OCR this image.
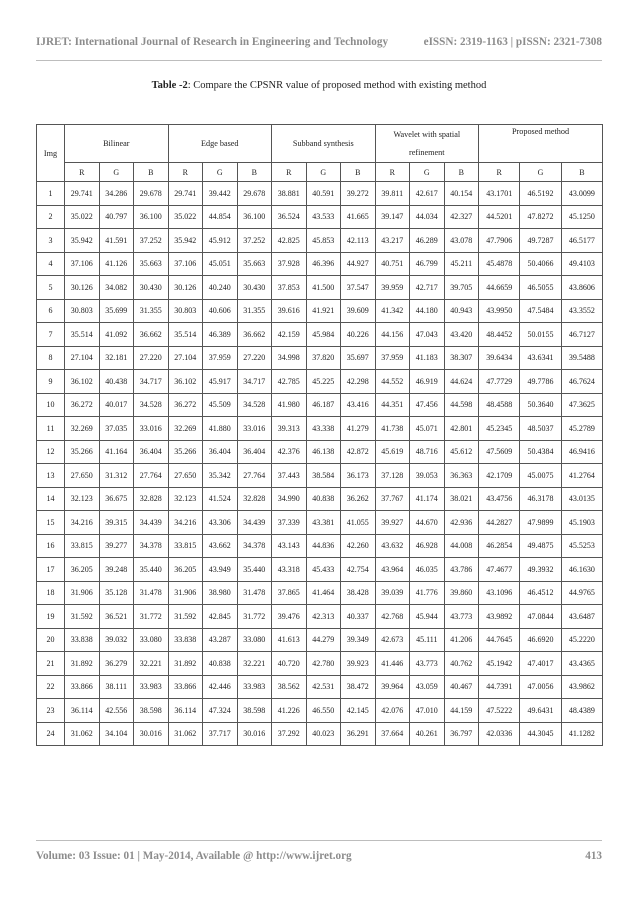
IJRET: International Journal of Research in Engineering and Technology	eISSN: 2319-1163 | pISSN: 2321-7308
Table -2: Compare the CPSNR value of proposed method with existing method
Img	Bilinear			Edge based			Subband synthesis			Wavelet with spatial refinement			Proposed method		
	R	G	B	R	G	B	R	G	B	R	G	B	R	G	B
1	29.741	34.286	29.678	29.741	39.442	29.678	38.881	40.591	39.272	39.811	42.617	40.154	43.1701	46.5192	43.0099
2	35.022	40.797	36.100	35.022	44.854	36.100	36.524	43.533	41.665	39.147	44.034	42.327	44.5201	47.8272	45.1250
3	35.942	41.591	37.252	35.942	45.912	37.252	42.825	45.853	42.113	43.217	46.289	43.078	47.7906	49.7287	46.5177
4	37.106	41.126	35.663	37.106	45.051	35.663	37.928	46.396	44.927	40.751	46.799	45.211	45.4878	50.4066	49.4103
5	30.126	34.082	30.430	30.126	40.240	30.430	37.853	41.500	37.547	39.959	42.717	39.705	44.6659	46.5055	43.8606
6	30.803	35.699	31.355	30.803	40.606	31.355	39.616	41.921	39.609	41.342	44.180	40.943	43.9950	47.5484	43.3552
7	35.514	41.092	36.662	35.514	46.389	36.662	42.159	45.984	40.226	44.156	47.043	43.420	48.4452	50.0155	46.7127
8	27.104	32.181	27.220	27.104	37.959	27.220	34.998	37.820	35.697	37.959	41.183	38.307	39.6434	43.6341	39.5488
9	36.102	40.438	34.717	36.102	45.917	34.717	42.785	45.225	42.298	44.552	46.919	44.624	47.7729	49.7786	46.7624
10	36.272	40.017	34.528	36.272	45.509	34.528	41.980	46.187	43.416	44.351	47.456	44.598	48.4588	50.3640	47.3625
11	32.269	37.035	33.016	32.269	41.880	33.016	39.313	43.338	41.279	41.738	45.071	42.801	45.2345	48.5037	45.2789
12	35.266	41.164	36.404	35.266	36.404	36.404	42.376	46.138	42.872	45.619	48.716	45.612	47.5609	50.4384	46.9416
13	27.650	31.312	27.764	27.650	35.342	27.764	37.443	38.584	36.173	37.128	39.053	36.363	42.1709	45.0075	41.2764
14	32.123	36.675	32.828	32.123	41.524	32.828	34.990	40.838	36.262	37.767	41.174	38.021	43.4756	46.3178	43.0135
15	34.216	39.315	34.439	34.216	43.306	34.439	37.339	43.381	41.055	39.927	44.670	42.936	44.2827	47.9899	45.1903
16	33.815	39.277	34.378	33.815	43.662	34.378	43.143	44.836	42.260	43.632	46.928	44.008	46.2854	49.4875	45.5253
17	36.205	39.248	35.440	36.205	43.949	35.440	43.318	45.433	42.754	43.964	46.035	43.786	47.4677	49.3932	46.1630
18	31.906	35.128	31.478	31.906	38.980	31.478	37.865	41.464	38.428	39.039	41.776	39.860	43.1096	46.4512	44.9765
19	31.592	36.521	31.772	31.592	42.845	31.772	39.476	42.313	40.337	42.768	45.944	43.773	43.9892	47.0844	43.6487
20	33.838	39.032	33.080	33.838	43.287	33.080	41.613	44.279	39.349	42.673	45.111	41.206	44.7645	46.6920	45.2220
21	31.892	36.279	32.221	31.892	40.838	32.221	40.720	42.780	39.923	41.446	43.773	40.762	45.1942	47.4017	43.4365
22	33.866	38.111	33.983	33.866	42.446	33.983	38.562	42.531	38.472	39.964	43.059	40.467	44.7391	47.0056	43.9862
23	36.114	42.556	38.598	36.114	47.324	38.598	41.226	46.550	42.145	42.076	47.010	44.159	47.5222	49.6431	48.4389
24	31.062	34.104	30.016	31.062	37.717	30.016	37.292	40.023	36.291	37.664	40.261	36.797	42.0336	44.3045	41.1282
Volume: 03 Issue: 01 | May-2014, Available @ http://www.ijret.org	413
